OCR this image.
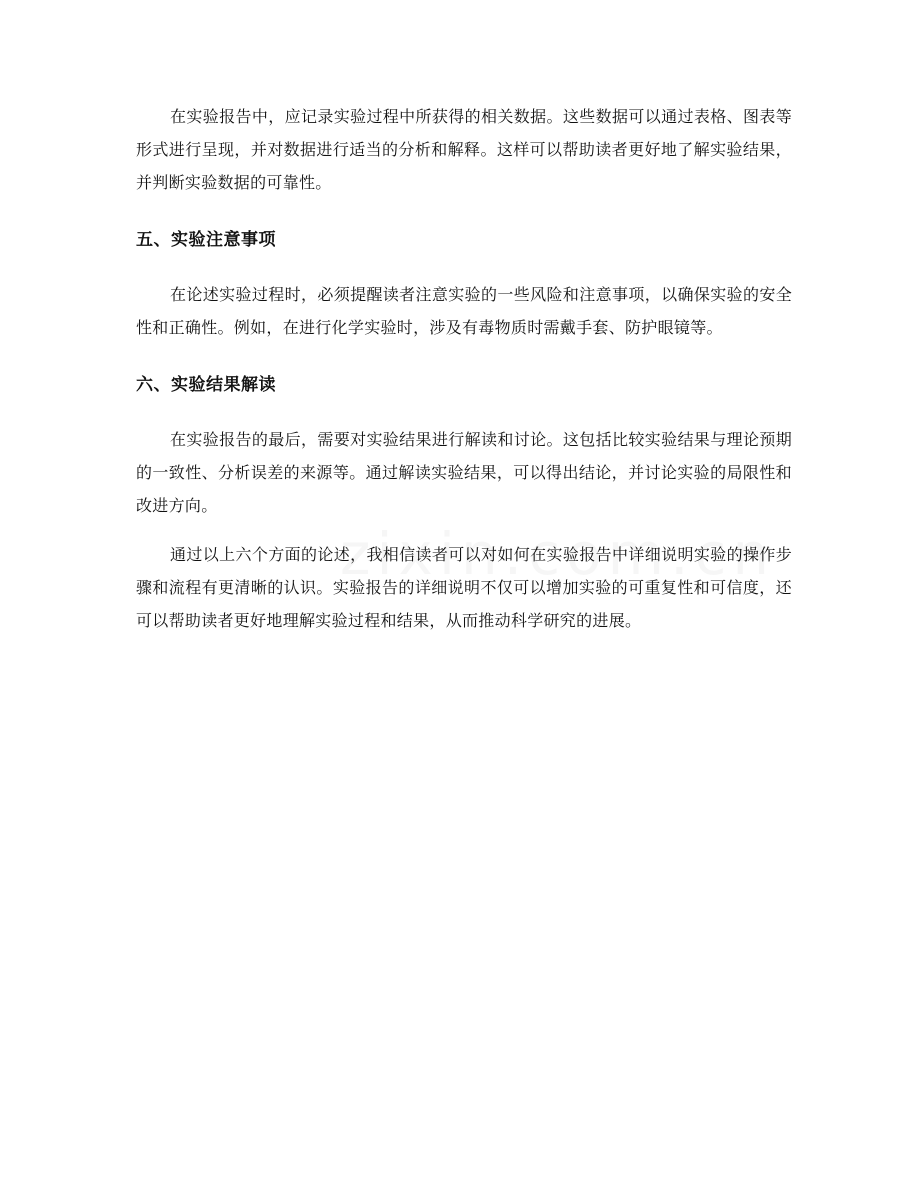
在实验报告中，应记录实验过程中所获得的相关数据。这些数据可以通过表格、图表等形式进行呈现，并对数据进行适当的分析和解释。这样可以帮助读者更好地了解实验结果，并判断实验数据的可靠性。

五、实验注意事项

在论述实验过程时，必须提醒读者注意实验的一些风险和注意事项，以确保实验的安全性和正确性。例如，在进行化学实验时，涉及有毒物质时需戴手套、防护眼镜等。

六、实验结果解读

在实验报告的最后，需要对实验结果进行解读和讨论。这包括比较实验结果与理论预期的一致性、分析误差的来源等。通过解读实验结果，可以得出结论，并讨论实验的局限性和改进方向。

通过以上六个方面的论述，我相信读者可以对如何在实验报告中详细说明实验的操作步骤和流程有更清晰的认识。实验报告的详细说明不仅可以增加实验的可重复性和可信度，还可以帮助读者更好地理解实验过程和结果，从而推动科学研究的进展。
